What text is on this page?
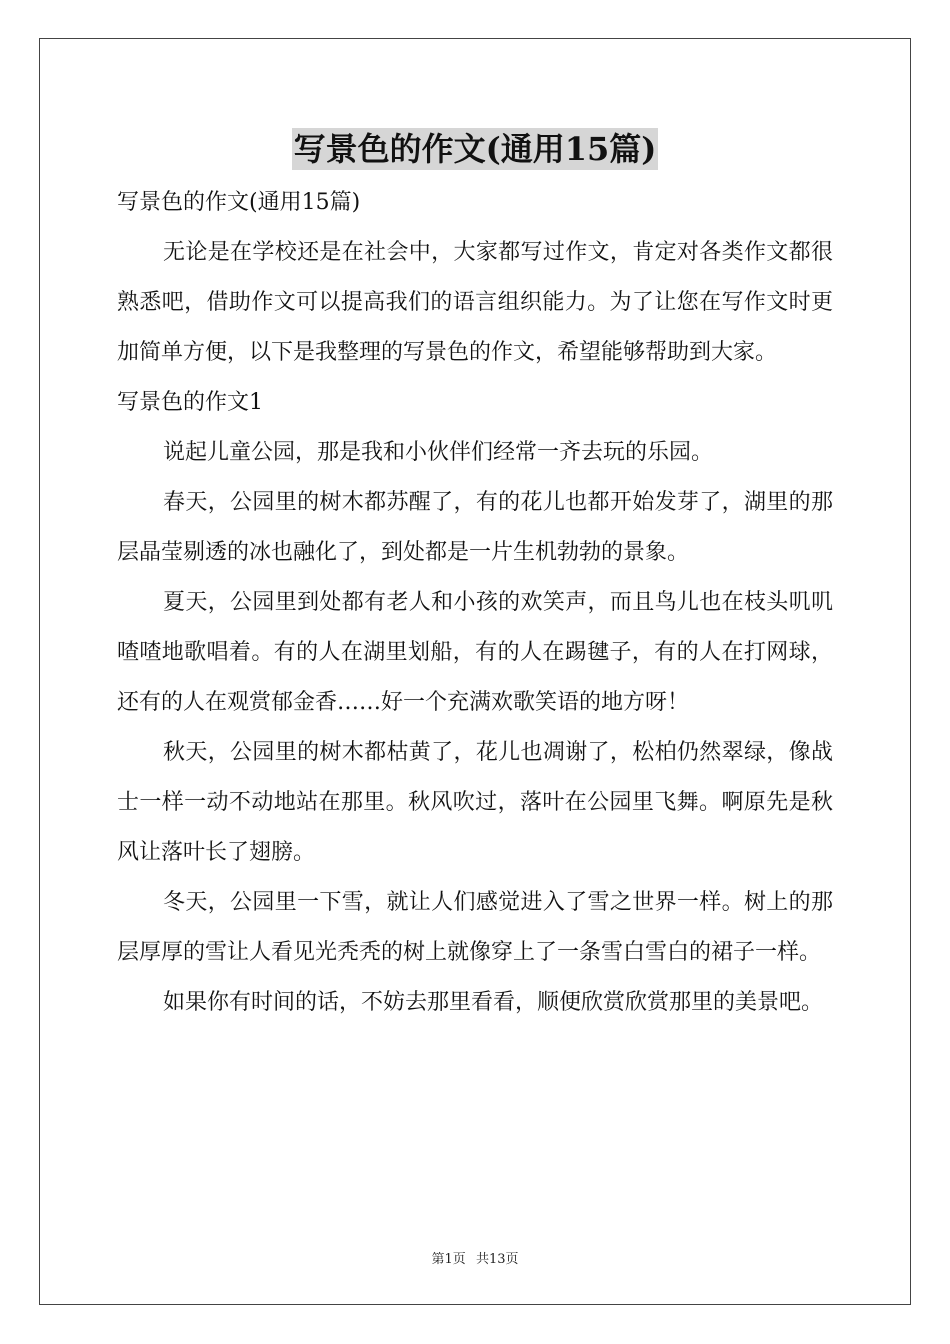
写景色的作文(通用15篇)

写景色的作文(通用15篇)

无论是在学校还是在社会中，大家都写过作文，肯定对各类作文都很熟悉吧，借助作文可以提高我们的语言组织能力。为了让您在写作文时更加简单方便，以下是我整理的写景色的作文，希望能够帮助到大家。

写景色的作文1

说起儿童公园，那是我和小伙伴们经常一齐去玩的乐园。

春天，公园里的树木都苏醒了，有的花儿也都开始发芽了，湖里的那层晶莹剔透的冰也融化了，到处都是一片生机勃勃的景象。

夏天，公园里到处都有老人和小孩的欢笑声，而且鸟儿也在枝头叽叽喳喳地歌唱着。有的人在湖里划船，有的人在踢毽子，有的人在打网球，还有的人在观赏郁金香……好一个充满欢歌笑语的地方呀！

秋天，公园里的树木都枯黄了，花儿也凋谢了，松柏仍然翠绿，像战士一样一动不动地站在那里。秋风吹过，落叶在公园里飞舞。啊原先是秋风让落叶长了翅膀。

冬天，公园里一下雪，就让人们感觉进入了雪之世界一样。树上的那层厚厚的雪让人看见光秃秃的树上就像穿上了一条雪白雪白的裙子一样。

如果你有时间的话，不妨去那里看看，顺便欣赏欣赏那里的美景吧。

第1页 共13页
